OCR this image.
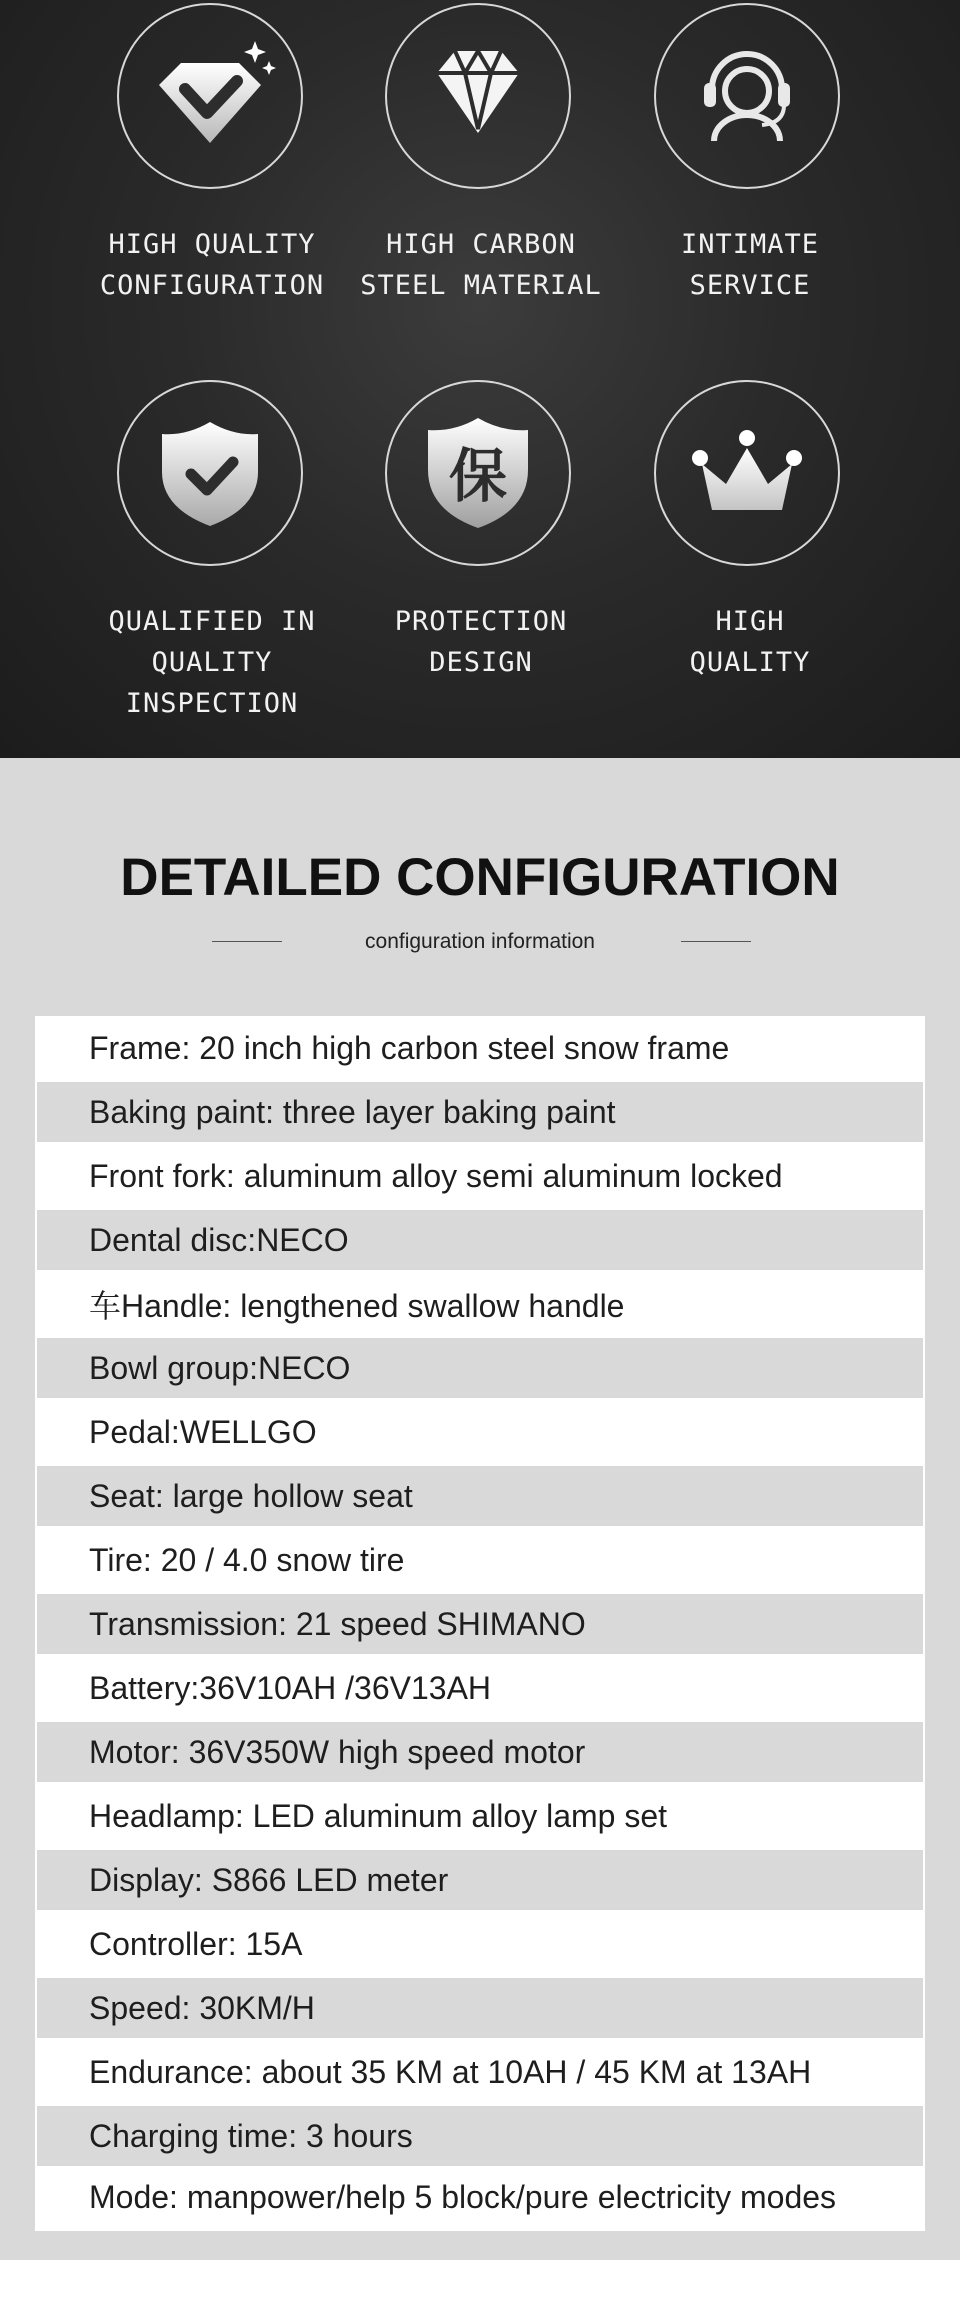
HIGH QUALITY
CONFIGURATION
HIGH CARBON
STEEL MATERIAL
INTIMATE
SERVICE
QUALIFIED IN
QUALITY INSPECTION
保
PROTECTION
DESIGN
HIGH
QUALITY
DETAILED CONFIGURATION
configuration information
Frame: 20 inch high carbon steel snow frame
Baking paint: three layer baking paint
Front fork: aluminum alloy semi aluminum locked
Dental disc:NECO
车Handle: lengthened swallow handle
Bowl group:NECO
Pedal:WELLGO
Seat: large hollow seat
Tire: 20 / 4.0 snow tire
Transmission: 21 speed SHIMANO
Battery:36V10AH /36V13AH
Motor: 36V350W high speed motor
Headlamp: LED aluminum alloy lamp set
Display: S866 LED meter
Controller: 15A
Speed: 30KM/H
Endurance: about 35 KM at 10AH / 45 KM at 13AH
Charging time: 3 hours
Mode: manpower/help 5 block/pure electricity modes
